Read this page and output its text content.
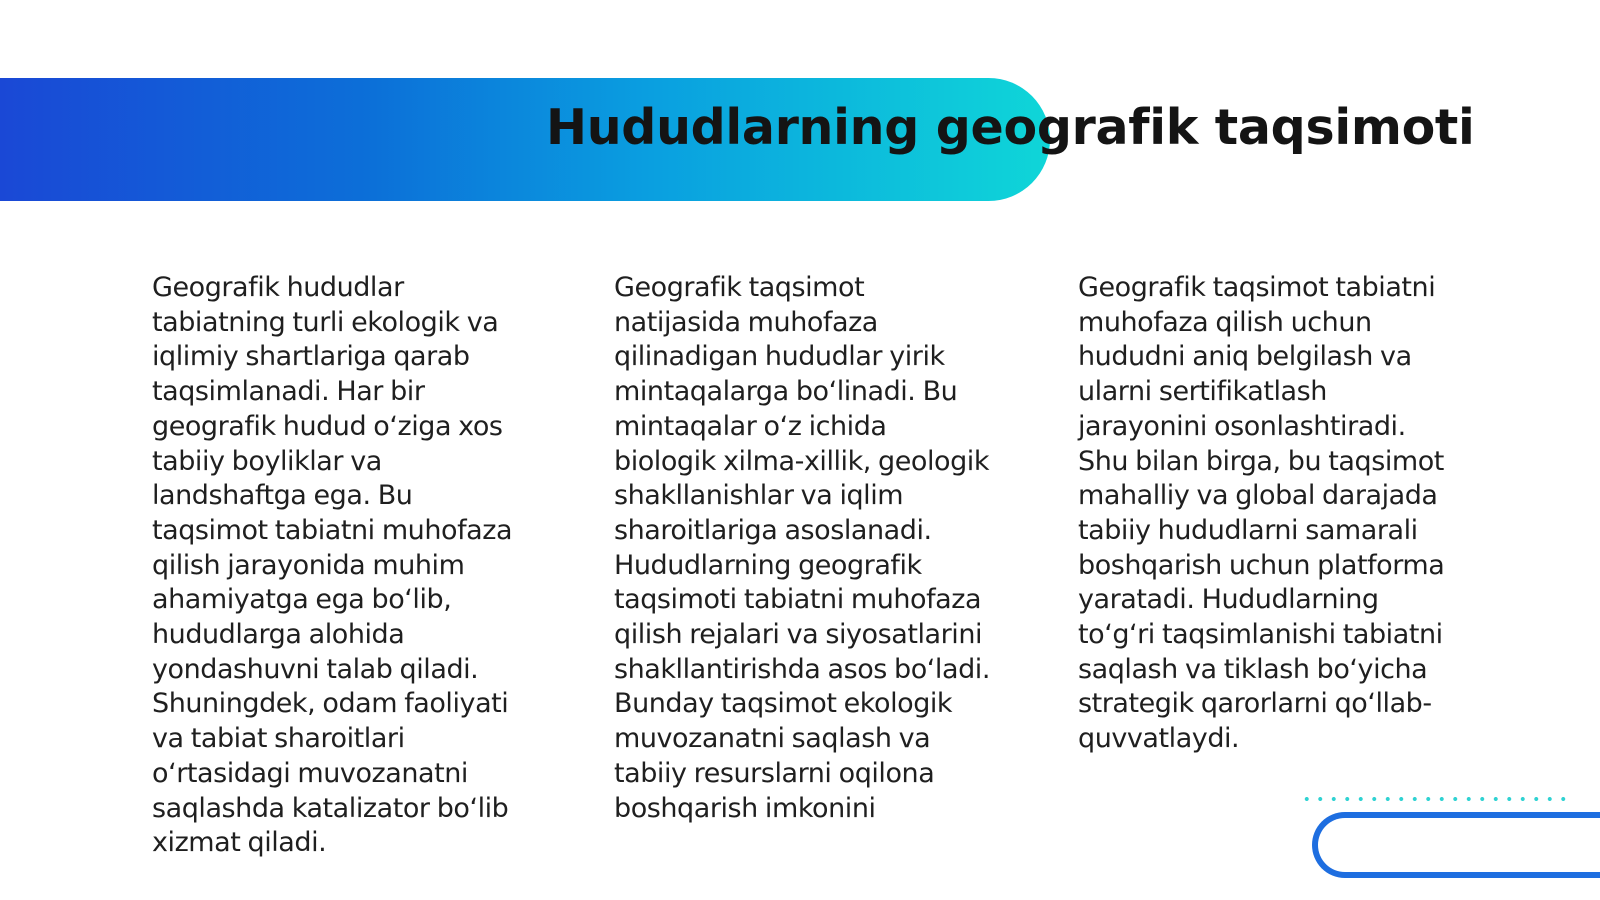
Hududlarning geografik taqsimoti

Geografik hududlar tabiatning turli ekologik va iqlimiy shartlariga qarab taqsimlanadi. Har bir geografik hudud oʻziga xos tabiiy boyliklar va landshaftga ega. Bu taqsimot tabiatni muhofaza qilish jarayonida muhim ahamiyatga ega boʻlib, hududlarga alohida yondashuvni talab qiladi. Shuningdek, odam faoliyati va tabiat sharoitlari oʻrtasidagi muvozanatni saqlashda katalizator boʻlib xizmat qiladi.

Geografik taqsimot natijasida muhofaza qilinadigan hududlar yirik mintaqalarga boʻlinadi. Bu mintaqalar oʻz ichida biologik xilma-xillik, geologik shakllanishlar va iqlim sharoitlariga asoslanadi. Hududlarning geografik taqsimoti tabiatni muhofaza qilish rejalari va siyosatlarini shakllantirishda asos boʻladi. Bunday taqsimot ekologik muvozanatni saqlash va tabiiy resurslarni oqilona boshqarish imkonini

Geografik taqsimot tabiatni muhofaza qilish uchun hududni aniq belgilash va ularni sertifikatlash jarayonini osonlashtiradi. Shu bilan birga, bu taqsimot mahalliy va global darajada tabiiy hududlarni samarali boshqarish uchun platforma yaratadi. Hududlarning toʻgʻri taqsimlanishi tabiatni saqlash va tiklash boʻyicha strategik qarorlarni qoʻllab-quvvatlaydi.
